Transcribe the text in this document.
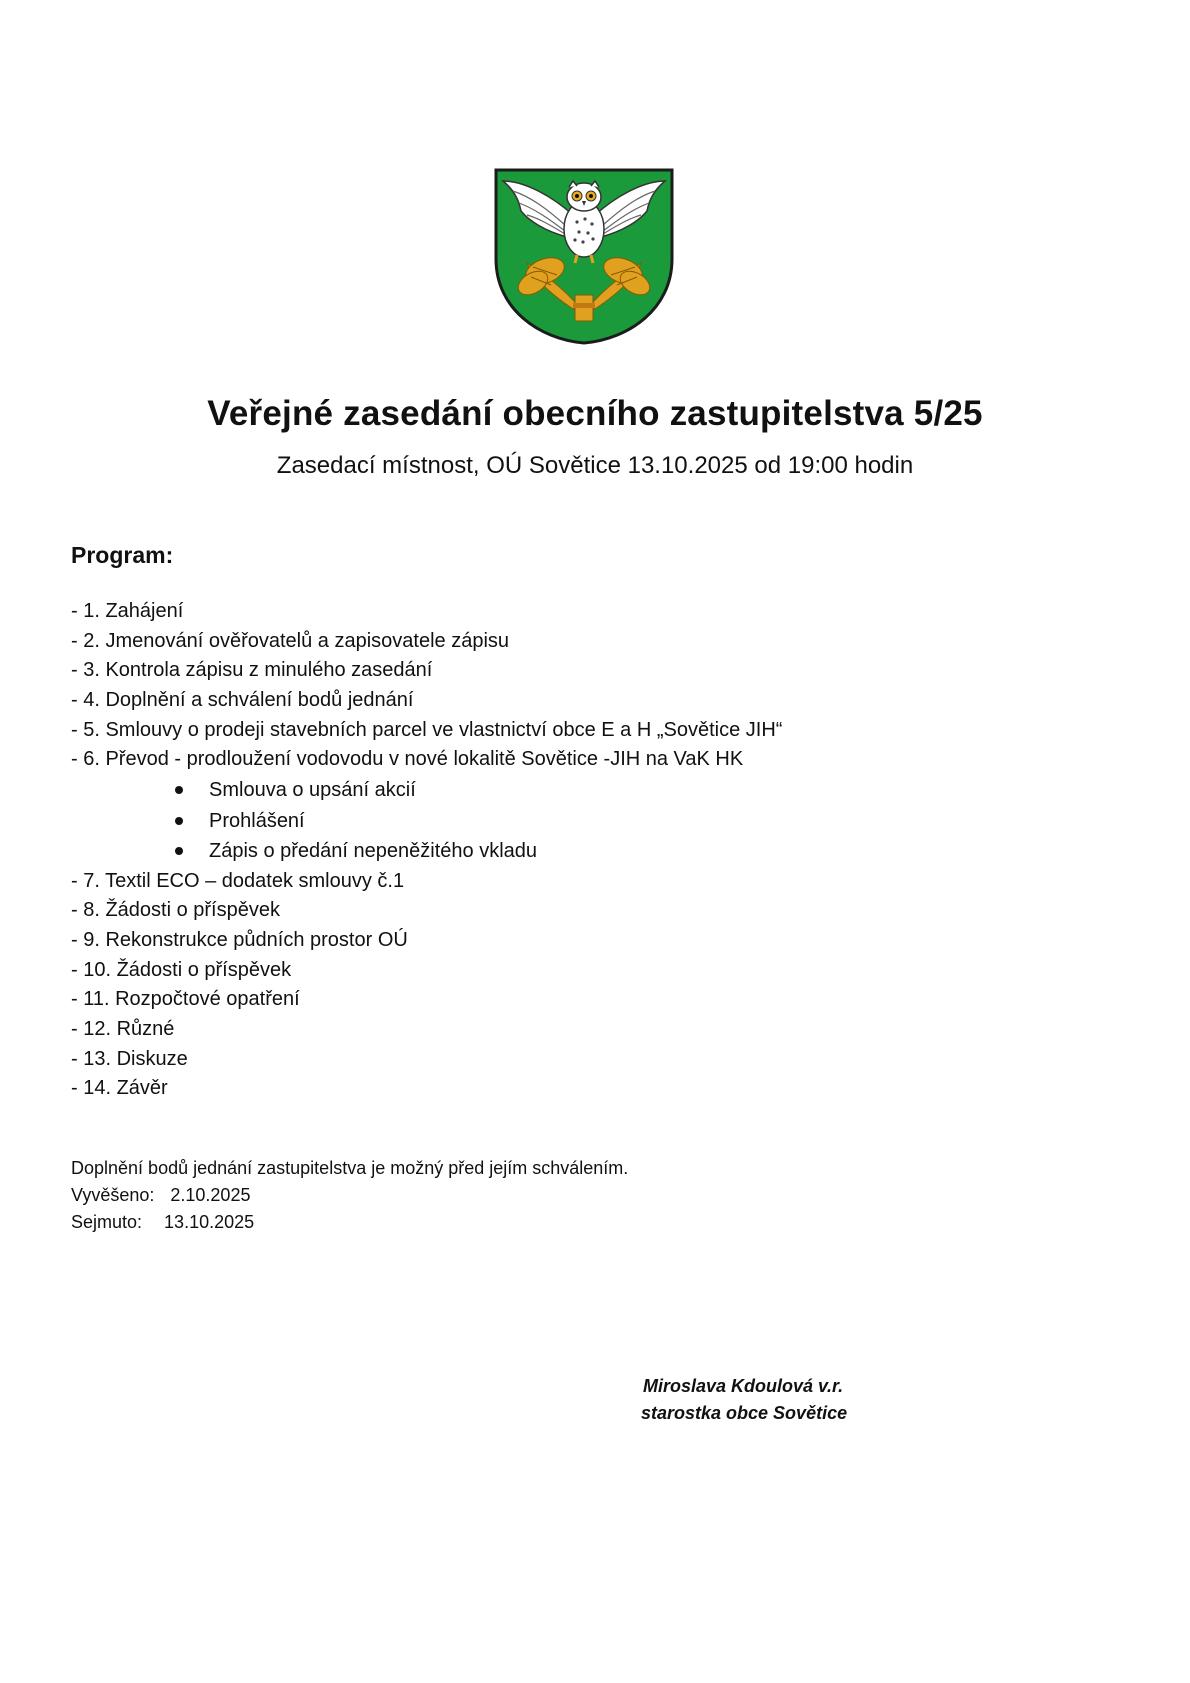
Veřejné zasedání obecního zastupitelstva 5/25
Zasedací místnost, OÚ Sovětice 13.10.2025 od 19:00 hodin
Program:
- 1. Zahájení
- 2. Jmenování ověřovatelů a zapisovatele zápisu
- 3. Kontrola zápisu z minulého zasedání
- 4. Doplnění a schválení bodů jednání
- 5. Smlouvy o prodeji stavebních parcel ve vlastnictví obce E a H „Sovětice JIH“
- 6. Převod - prodloužení vodovodu v nové lokalitě Sovětice -JIH na VaK HK
Smlouva o upsání akcií
Prohlášení
Zápis o předání nepeněžitého vkladu
- 7. Textil ECO – dodatek smlouvy č.1
- 8. Žádosti o příspěvek
- 9. Rekonstrukce půdních prostor OÚ
- 10. Žádosti o příspěvek
- 11. Rozpočtové opatření
- 12. Různé
- 13. Diskuze
- 14. Závěr
Doplnění bodů jednání zastupitelstva je možný před jejím schválením.
Vyvěšeno: 2.10.2025
Sejmuto: 13.10.2025
Miroslava Kdoulová v.r.
starostka obce Sovětice
